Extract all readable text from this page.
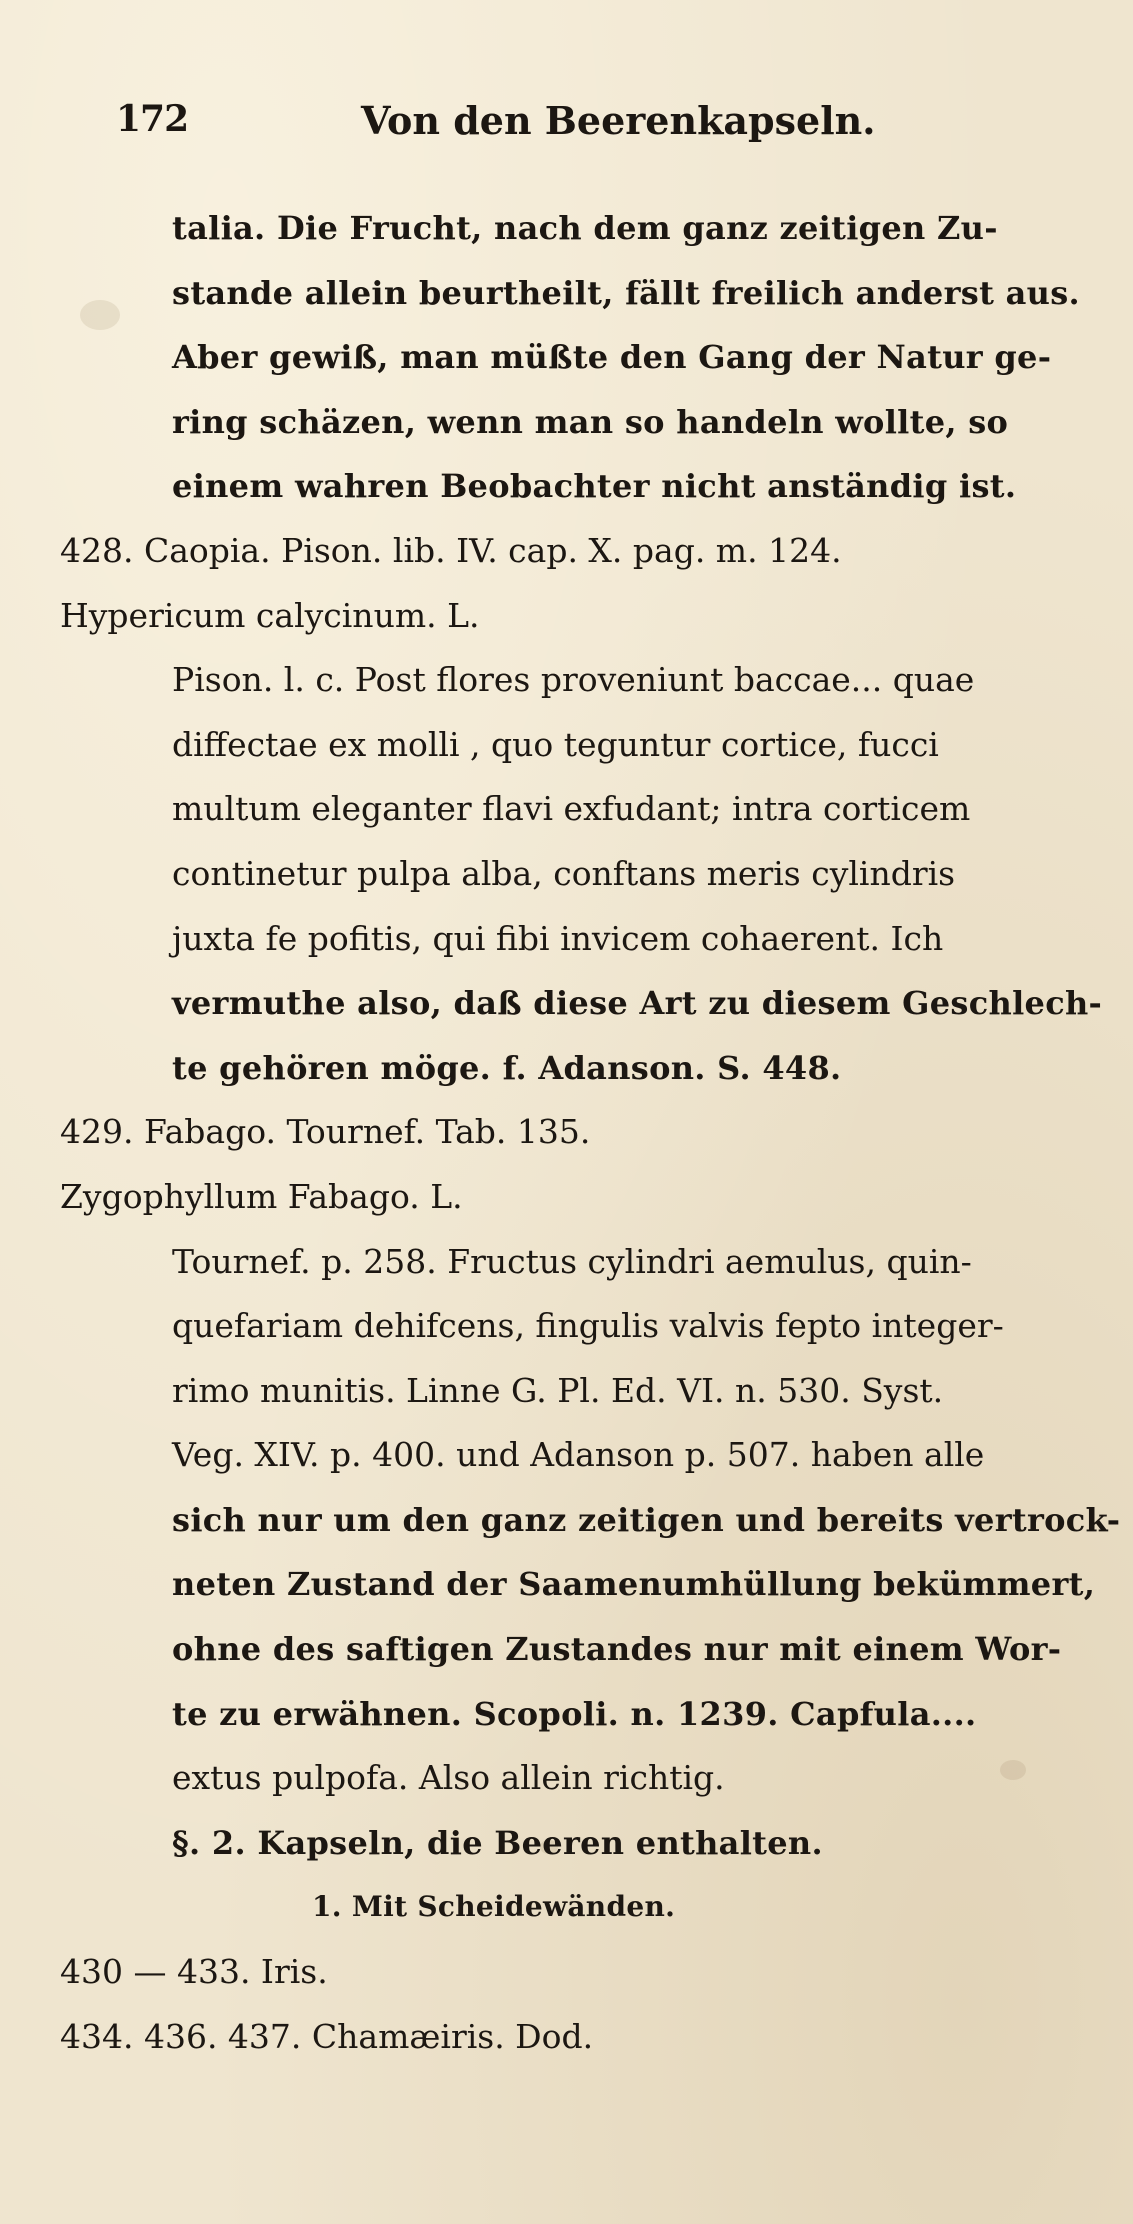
172	Von den Beerenkapseln.
talia. Die Frucht, nach dem ganz zeitigen Zu-
stande allein beurtheilt, fällt freilich anderst aus.
Aber gewiß, man müßte den Gang der Natur ge-
ring schäzen, wenn man so handeln wollte, so
einem wahren Beobachter nicht anständig ist.
428. Caopia. Pison. lib. IV. cap. X. pag. m. 124.
Hypericum calycinum. L.
Pison. l. c. Post flores proveniunt baccae... quae
diffectae ex molli , quo teguntur cortice, fucci
multum eleganter flavi exfudant; intra corticem
continetur pulpa alba, conftans meris cylindris
juxta fe pofitis, qui fibi invicem cohaerent. Ich
vermuthe also, daß diese Art zu diesem Geschlech-
te gehören möge. f. Adanson. S. 448.
429. Fabago. Tournef. Tab. 135.
Zygophyllum Fabago. L.
Tournef. p. 258. Fructus cylindri aemulus, quin-
quefariam dehifcens, fingulis valvis fepto integer-
rimo munitis. Linne G. Pl. Ed. VI. n. 530. Syst.
Veg. XIV. p. 400. und Adanson p. 507. haben alle
sich nur um den ganz zeitigen und bereits vertrock-
neten Zustand der Saamenumhüllung bekümmert,
ohne des saftigen Zustandes nur mit einem Wor-
te zu erwähnen. Scopoli. n. 1239. Capfula....
extus pulpofa. Also allein richtig.
§. 2. Kapseln, die Beeren enthalten.
1. Mit Scheidewänden.
430 — 433. Iris.
434. 436. 437. Chamæiris. Dod.
